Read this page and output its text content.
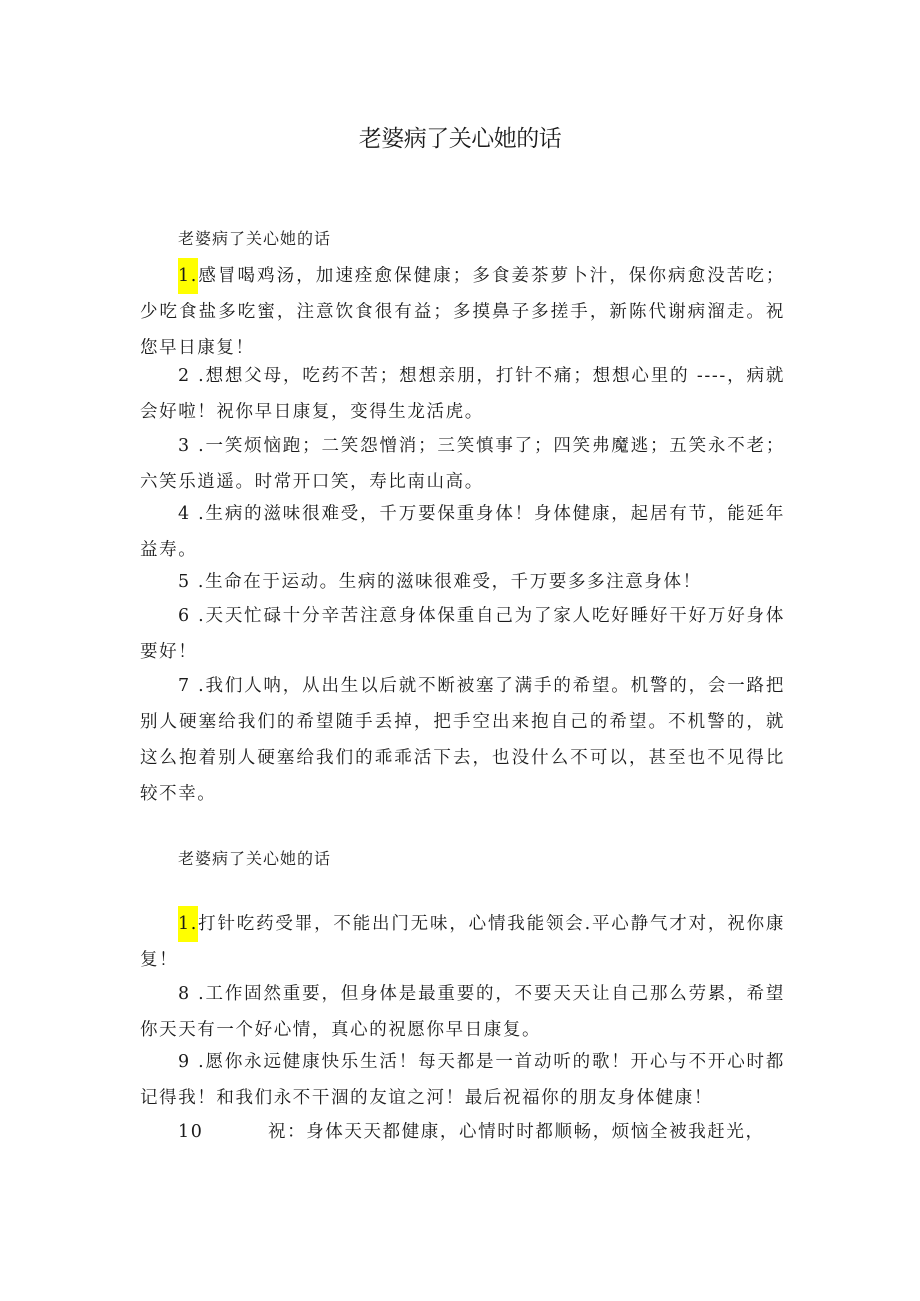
老婆病了关心她的话
老婆病了关心她的话

1.感冒喝鸡汤，加速痊愈保健康；多食姜茶萝卜汁，保你病愈没苦吃；少吃食盐多吃蜜，注意饮食很有益；多摸鼻子多搓手，新陈代谢病溜走。祝您早日康复！

2 .想想父母，吃药不苦；想想亲朋，打针不痛；想想心里的 ----，病就会好啦！祝你早日康复，变得生龙活虎。

3 .一笑烦恼跑；二笑怨憎消；三笑慎事了；四笑弗魔逃；五笑永不老；六笑乐逍遥。时常开口笑，寿比南山高。

4 .生病的滋味很难受，千万要保重身体！身体健康，起居有节，能延年益寿。

5 .生命在于运动。生病的滋味很难受，千万要多多注意身体！

6 .天天忙碌十分辛苦注意身体保重自己为了家人吃好睡好干好万好身体要好！

7 .我们人呐，从出生以后就不断被塞了满手的希望。机警的，会一路把别人硬塞给我们的希望随手丢掉，把手空出来抱自己的希望。不机警的，就这么抱着别人硬塞给我们的乖乖活下去，也没什么不可以，甚至也不见得比较不幸。

老婆病了关心她的话

1.打针吃药受罪，不能出门无味，心情我能领会.平心静气才对，祝你康复！

8 .工作固然重要，但身体是最重要的，不要天天让自己那么劳累，希望你天天有一个好心情，真心的祝愿你早日康复。

9 .愿你永远健康快乐生活！每天都是一首动听的歌！开心与不开心时都记得我！和我们永不干涸的友谊之河！最后祝福你的朋友身体健康！

10	祝：身体天天都健康，心情时时都顺畅，烦恼全被我赶光，
